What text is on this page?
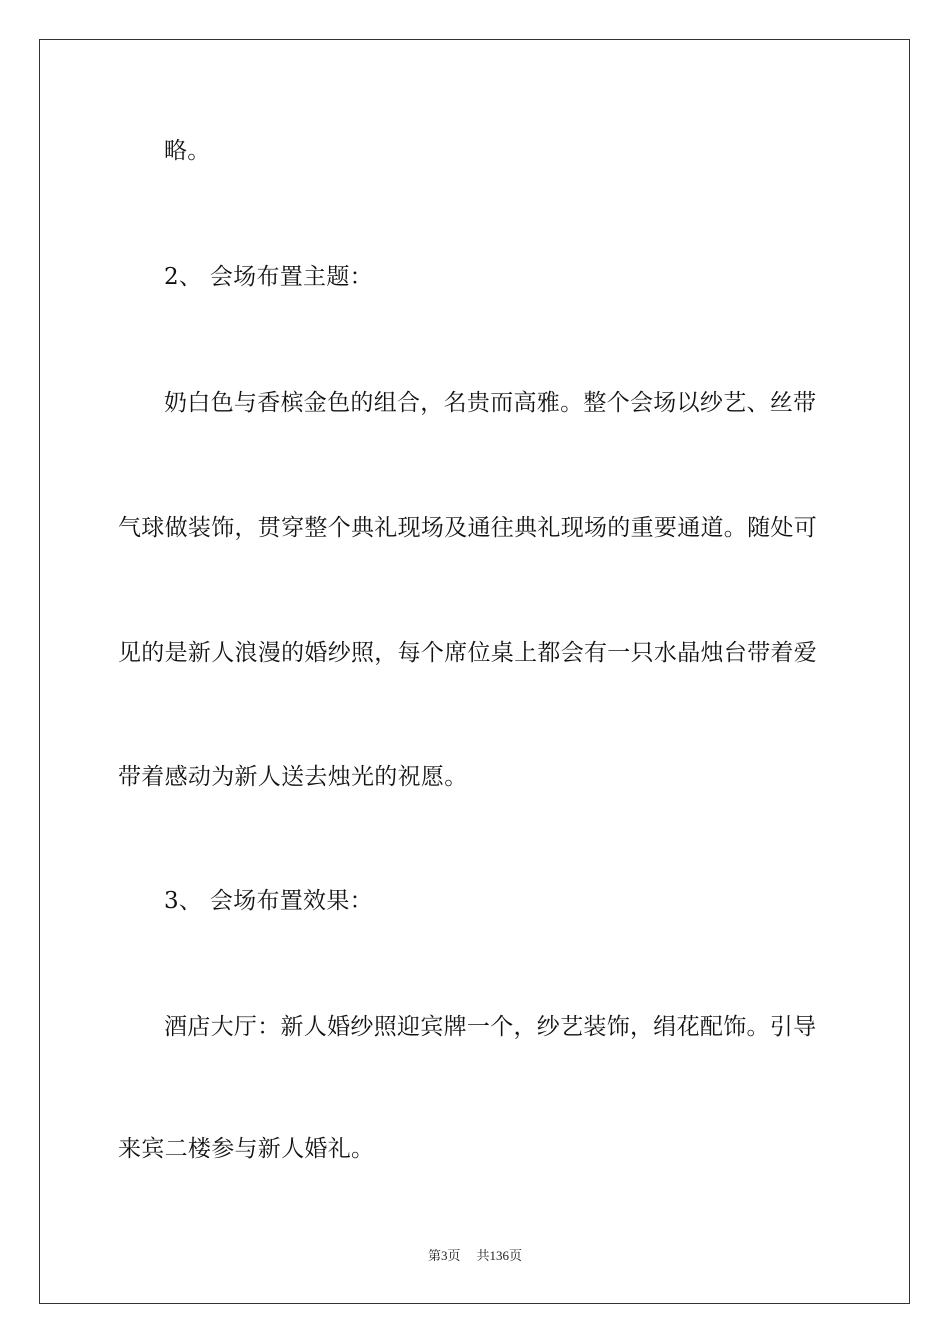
略。
2、 会场布置主题：
奶白色与香槟金色的组合，名贵而高雅。整个会场以纱艺、丝带
气球做装饰，贯穿整个典礼现场及通往典礼现场的重要通道。随处可
见的是新人浪漫的婚纱照，每个席位桌上都会有一只水晶烛台带着爱
带着感动为新人送去烛光的祝愿。
3、 会场布置效果：
酒店大厅：新人婚纱照迎宾牌一个，纱艺装饰，绢花配饰。引导
来宾二楼参与新人婚礼。
第3页 共136页
